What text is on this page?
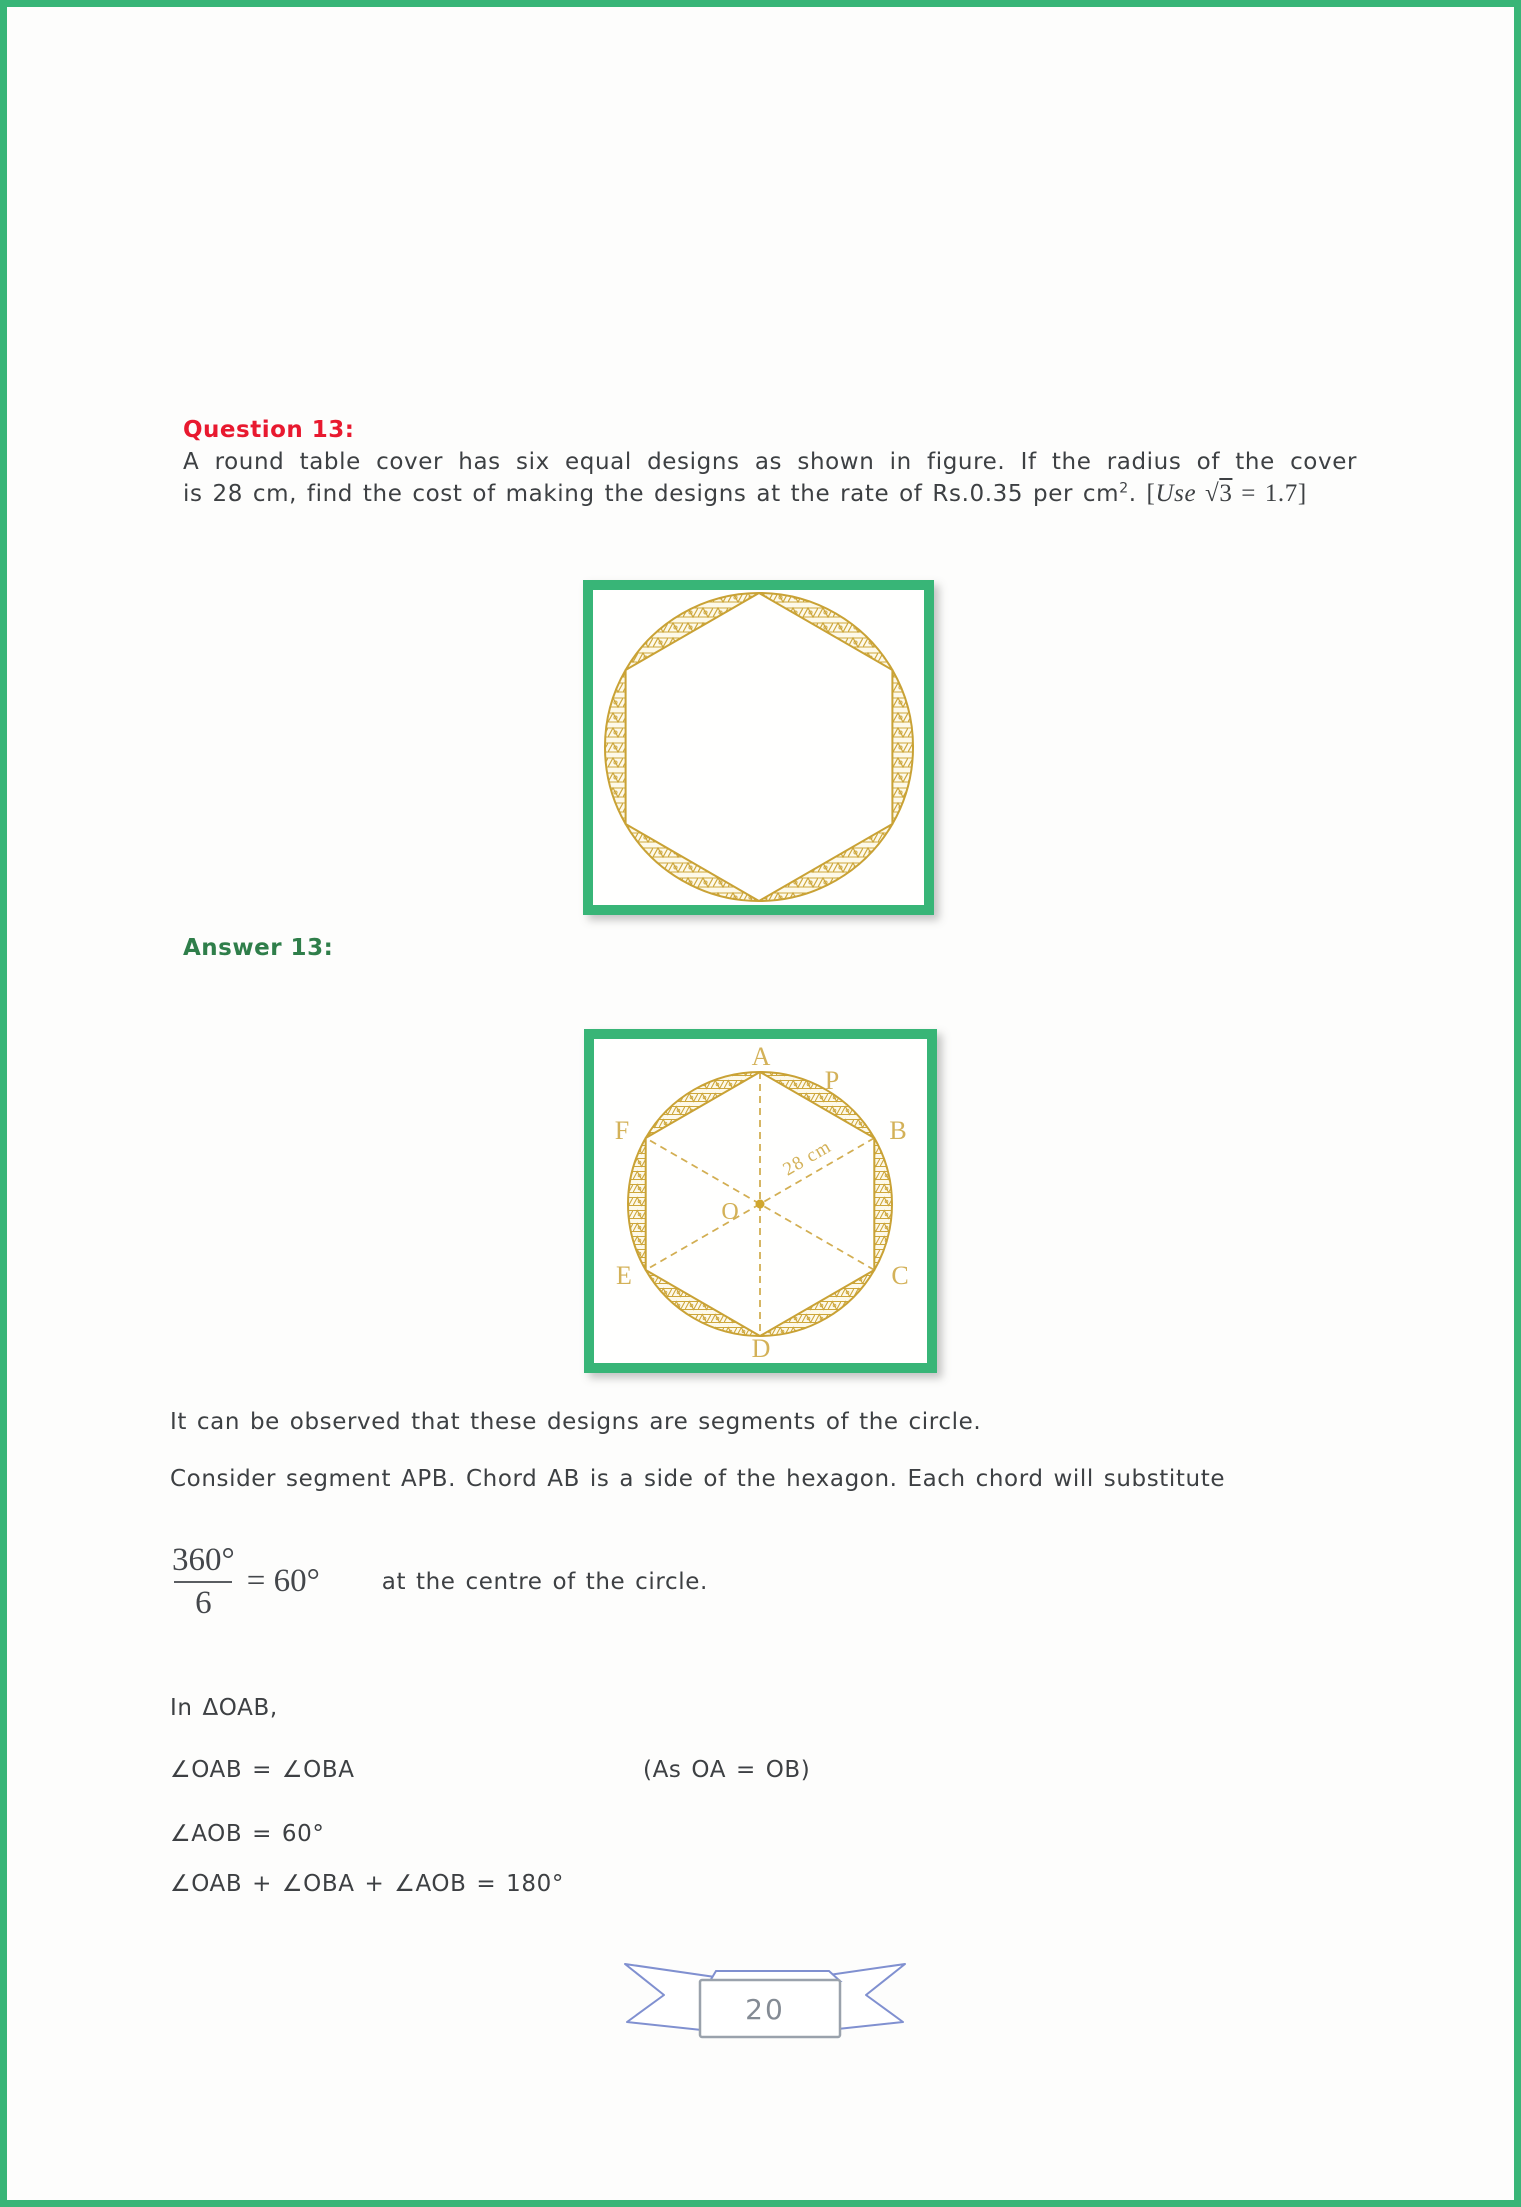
Question 13:
A round table cover has six equal designs as shown in figure. If the radius of the cover
is 28 cm, find the cost of making the designs at the rate of Rs.0.35 per $cm^2$. [Use √3 = 1.7]
Answer 13:
A
P
B
C
D
E
F
O
28 cm
It can be observed that these designs are segments of the circle.
Consider segment APB. Chord AB is a side of the hexagon. Each chord will substitute
$\frac{360^\circ}{6} = 60^\circ$	at the centre of the circle.
In ΔOAB,
∠OAB = ∠OBA	(As OA = OB)
∠AOB = 60°
∠OAB + ∠OBA + ∠AOB = 180°
20
